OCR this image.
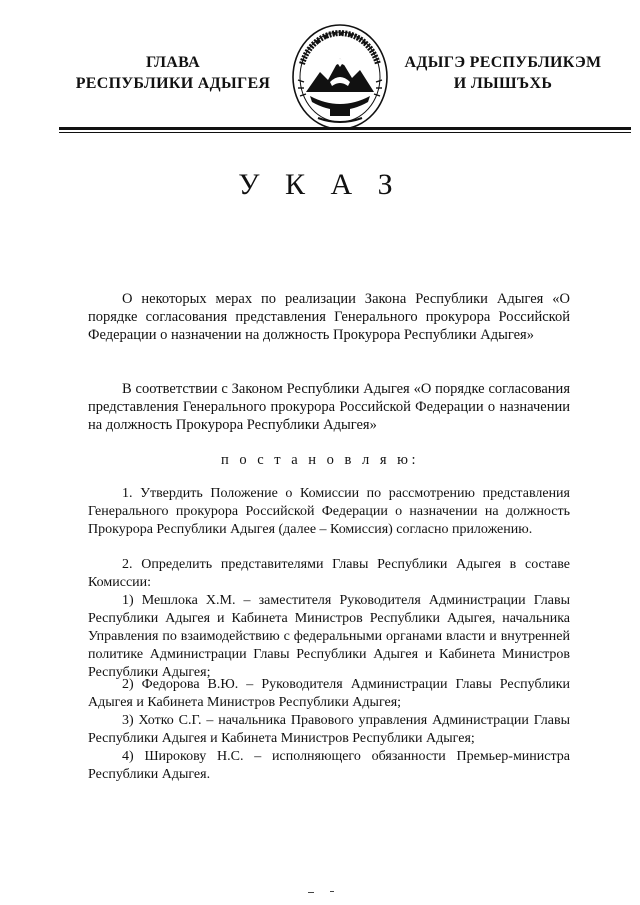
ГЛАВА
РЕСПУБЛИКИ АДЫГЕЯ
АДЫГЭ РЕСПУБЛИКЭМ
И ЛЫШЪХЬ
У К А З
О некоторых мерах по реализации Закона Республики Адыгея «О порядке согласования представления Генерального прокурора Российской Федерации о назначении на должность Прокурора Республики Адыгея»
В соответствии с Законом Республики Адыгея «О порядке согласования представления Генерального прокурора Российской Федерации о назначении на должность Прокурора Республики Адыгея»
п о с т а н о в л я ю:
1. Утвердить Положение о Комиссии по рассмотрению представления Генерального прокурора Российской Федерации о назначении на должность Прокурора Республики Адыгея (далее – Комиссия) согласно приложению.
2. Определить представителями Главы Республики Адыгея в составе Комиссии:
1) Мешлока Х.М. – заместителя Руководителя Администрации Главы Республики Адыгея и Кабинета Министров Республики Адыгея, начальника Управления по взаимодействию с федеральными органами власти и внутренней политике Администрации Главы Республики Адыгея и Кабинета Министров Республики Адыгея;
2) Федорова В.Ю. – Руководителя Администрации Главы Республики Адыгея и Кабинета Министров Республики Адыгея;
3) Хотко С.Г. – начальника Правового управления Администрации Главы Республики Адыгея и Кабинета Министров Республики Адыгея;
4) Широкову Н.С. – исполняющего обязанности Премьер-министра Республики Адыгея.
